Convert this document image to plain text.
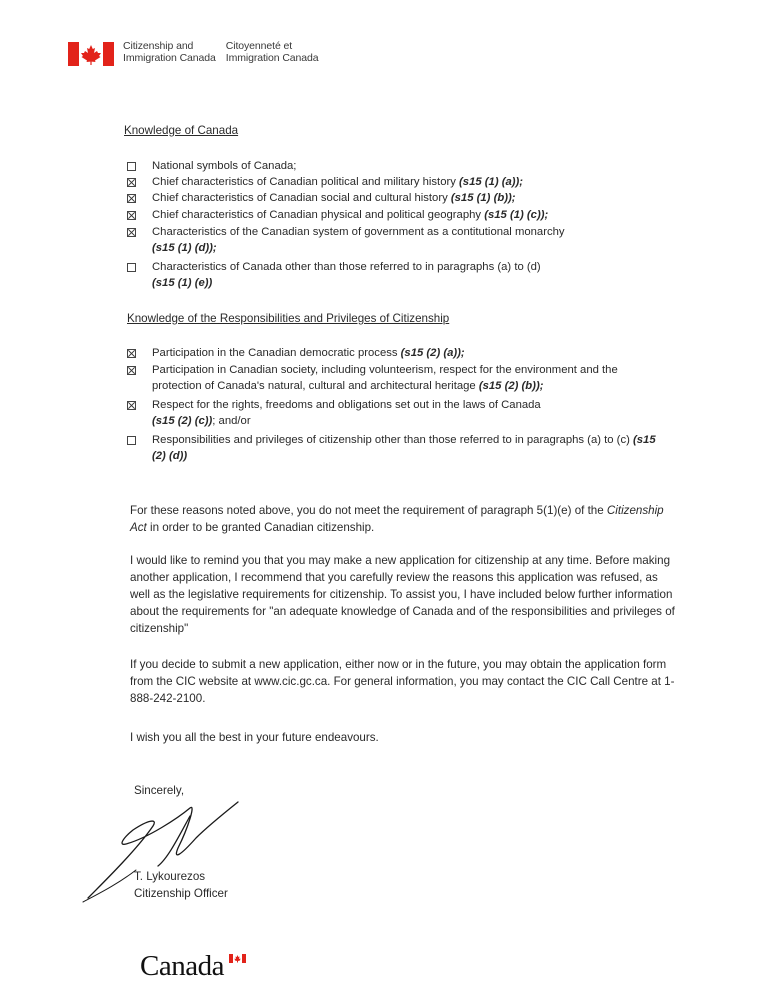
Citizenship and
Immigration Canada
Citoyenneté et
Immigration Canada
Knowledge of Canada
National symbols of Canada;
Chief characteristics of Canadian political and military history (s15 (1) (a));
Chief characteristics of Canadian social and cultural history (s15 (1) (b));
Chief characteristics of Canadian physical and political geography (s15 (1) (c));
Characteristics of the Canadian system of government as a contitutional monarchy
(s15 (1) (d));
Characteristics of Canada other than those referred to in paragraphs (a) to (d)
(s15 (1) (e))
Knowledge of the Responsibilities and Privileges of Citizenship
Participation in the Canadian democratic process (s15 (2) (a));
Participation in Canadian society, including volunteerism, respect for the environment and the protection of Canada's natural, cultural and architectural heritage (s15 (2) (b));
Respect for the rights, freedoms and obligations set out in the laws of Canada
(s15 (2) (c)); and/or
Responsibilities and privileges of citizenship other than those referred to in paragraphs (a) to (c) (s15 (2) (d))
For these reasons noted above, you do not meet the requirement of paragraph 5(1)(e) of the Citizenship Act in order to be granted Canadian citizenship.
I would like to remind you that you may make a new application for citizenship at any time. Before making another application, I recommend that you carefully review the reasons this application was refused, as well as the legislative requirements for citizenship. To assist you, I have included below further information about the requirements for "an adequate knowledge of Canada and of the responsibilities and privileges of citizenship"
If you decide to submit a new application, either now or in the future, you may obtain the application form from the CIC website at www.cic.gc.ca. For general information, you may contact the CIC Call Centre at 1-888-242-2100.
I wish you all the best in your future endeavours.
Sincerely,
T. Lykourezos
Citizenship Officer
Canada
